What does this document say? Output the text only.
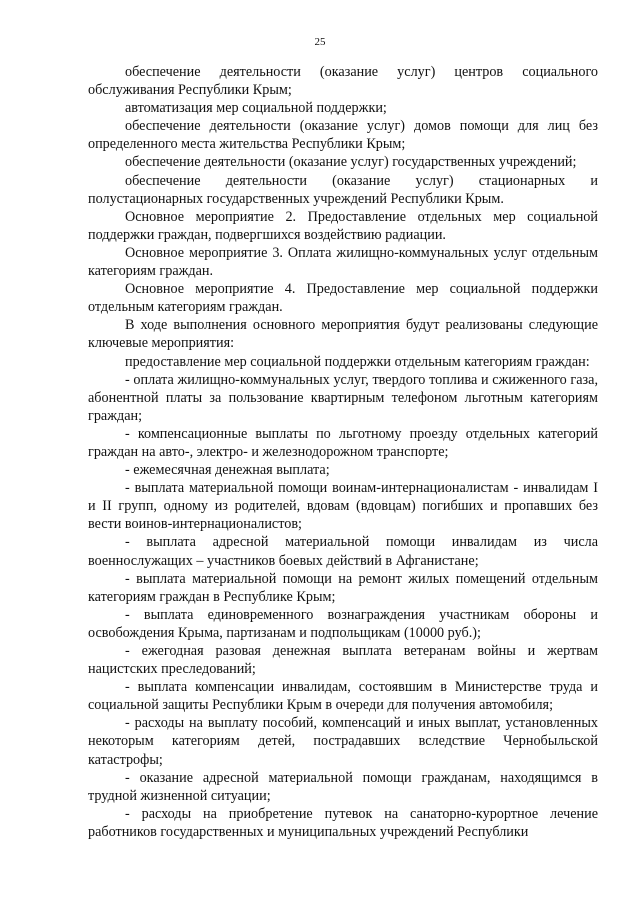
25

обеспечение деятельности (оказание услуг) центров социального обслуживания Республики Крым;

автоматизация мер социальной поддержки;

обеспечение деятельности (оказание услуг) домов помощи для лиц без определенного места жительства Республики Крым;

обеспечение деятельности (оказание услуг) государственных учреждений;

обеспечение деятельности (оказание услуг) стационарных и полустационарных государственных учреждений Республики Крым.

Основное мероприятие 2. Предоставление отдельных мер социальной поддержки граждан, подвергшихся воздействию радиации.

Основное мероприятие 3. Оплата жилищно-коммунальных услуг отдельным категориям граждан.

Основное мероприятие 4. Предоставление мер социальной поддержки отдельным категориям граждан.

В ходе выполнения основного мероприятия будут реализованы следующие ключевые мероприятия:

предоставление мер социальной поддержки отдельным категориям граждан:

- оплата жилищно-коммунальных услуг, твердого топлива и сжиженного газа, абонентной платы за пользование квартирным телефоном льготным категориям граждан;

- компенсационные выплаты по льготному проезду отдельных категорий граждан на авто-, электро- и железнодорожном транспорте;

- ежемесячная денежная выплата;

- выплата материальной помощи воинам-интернационалистам - инвалидам I и II групп, одному из родителей, вдовам (вдовцам) погибших и пропавших без вести воинов-интернационалистов;

- выплата адресной материальной помощи инвалидам из числа военнослужащих – участников боевых действий в Афганистане;

- выплата материальной помощи на ремонт жилых помещений отдельным категориям граждан в Республике Крым;

- выплата единовременного вознаграждения участникам обороны и освобождения Крыма, партизанам и подпольщикам (10000 руб.);

- ежегодная разовая денежная выплата ветеранам войны и жертвам нацистских преследований;

- выплата компенсации инвалидам, состоявшим в Министерстве труда и социальной защиты Республики Крым в очереди для получения автомобиля;

- расходы на выплату пособий, компенсаций и иных выплат, установленных некоторым категориям детей, пострадавших вследствие Чернобыльской катастрофы;

- оказание адресной материальной помощи гражданам, находящимся в трудной жизненной ситуации;

- расходы на приобретение путевок на санаторно-курортное лечение работников государственных и муниципальных учреждений Республики
